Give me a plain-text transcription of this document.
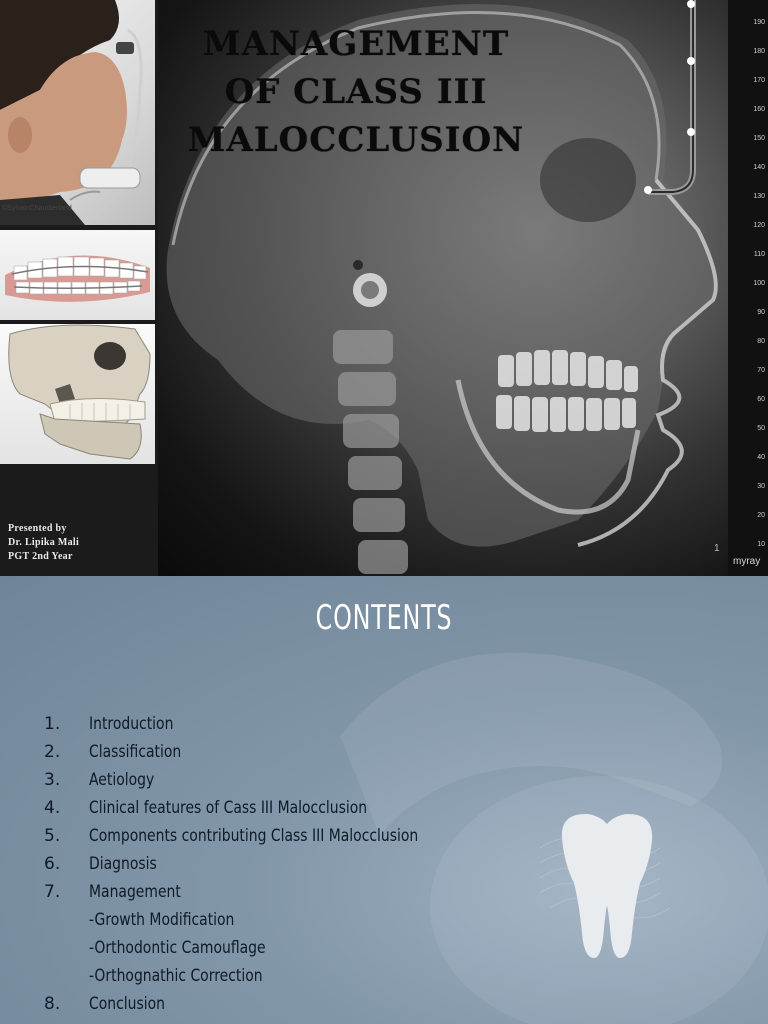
©SylvainChamberland
Presented by
Dr. Lipika Mali
PGT 2nd Year
190
180
170
160
150
140
130
120
110
100
90
80
70
60
50
40
30
20
10
MANAGEMENT
OF CLASS III
MALOCCLUSION
1
myray
CONTENTS
1. Introduction
2. Classification
3. Aetiology
4. Clinical features of Cass III Malocclusion
5. Components contributing Class III Malocclusion
6. Diagnosis
7. Management
-Growth Modification
-Orthodontic Camouflage
-Orthognathic Correction
8. Conclusion
